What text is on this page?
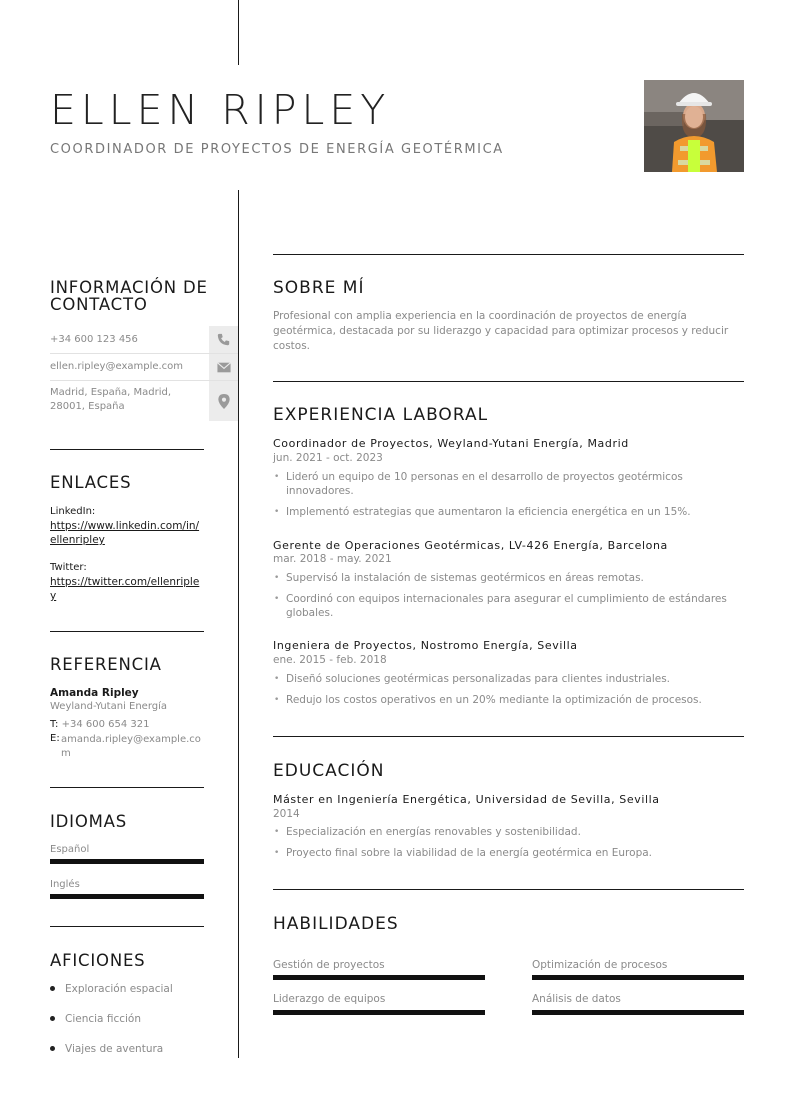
ELLEN RIPLEY
COORDINADOR DE PROYECTOS DE ENERGÍA GEOTÉRMICA
INFORMACIÓN DE CONTACTO
+34 600 123 456
ellen.ripley@example.com
Madrid, España, Madrid, 28001, España
ENLACES
LinkedIn:
https://www.linkedin.com/in/ellenripley
Twitter:
https://twitter.com/ellenripley
REFERENCIA
Amanda Ripley
Weyland-Yutani Energía
T: +34 600 654 321
E: amanda.ripley@example.com
IDIOMAS
Español
Inglés
AFICIONES
Exploración espacial
Ciencia ficción
Viajes de aventura
SOBRE MÍ
Profesional con amplia experiencia en la coordinación de proyectos de energía geotérmica, destacada por su liderazgo y capacidad para optimizar procesos y reducir costos.
EXPERIENCIA LABORAL
Coordinador de Proyectos, Weyland-Yutani Energía, Madrid
jun. 2021 - oct. 2023
• Lideró un equipo de 10 personas en el desarrollo de proyectos geotérmicos innovadores.
• Implementó estrategias que aumentaron la eficiencia energética en un 15%.
Gerente de Operaciones Geotérmicas, LV-426 Energía, Barcelona
mar. 2018 - may. 2021
• Supervisó la instalación de sistemas geotérmicos en áreas remotas.
• Coordinó con equipos internacionales para asegurar el cumplimiento de estándares globales.
Ingeniera de Proyectos, Nostromo Energía, Sevilla
ene. 2015 - feb. 2018
• Diseñó soluciones geotérmicas personalizadas para clientes industriales.
• Redujo los costos operativos en un 20% mediante la optimización de procesos.
EDUCACIÓN
Máster en Ingeniería Energética, Universidad de Sevilla, Sevilla
2014
• Especialización en energías renovables y sostenibilidad.
• Proyecto final sobre la viabilidad de la energía geotérmica en Europa.
HABILIDADES
Gestión de proyectos	Optimización de procesos
Liderazgo de equipos	Análisis de datos
